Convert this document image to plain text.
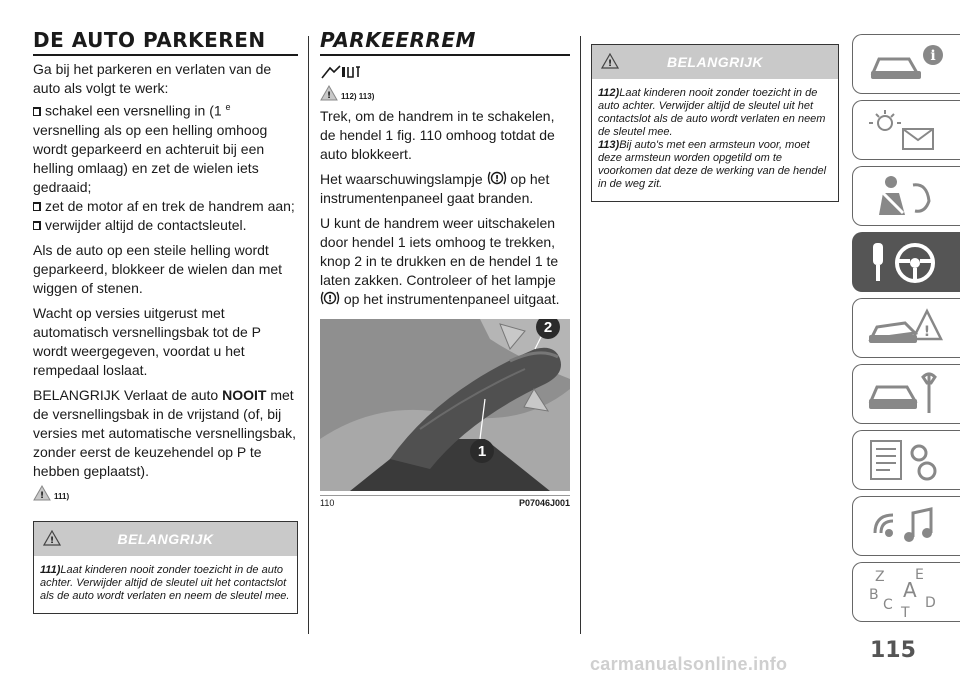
DE AUTO PARKEREN

Ga bij het parkeren en verlaten van de auto als volgt te werk:

schakel een versnelling in (1 $^e$ versnelling als op een helling omhoog wordt geparkeerd en achteruit bij een helling omlaag) en zet de wielen iets gedraaid;

zet de motor af en trek de handrem aan;

verwijder altijd de contactsleutel.

Als de auto op een steile helling wordt geparkeerd, blokkeer de wielen dan met wiggen of stenen.

Wacht op versies uitgerust met automatisch versnellingsbak tot de P wordt weergegeven, voordat u het rempedaal loslaat.

BELANGRIJK Verlaat de auto NOOIT met de versnellingsbak in de vrijstand (of, bij versies met automatische versnellingsbak, zonder eerst de keuzehendel op P te hebben geplaatst).

! 111)
!	BELANGRIJK
111)Laat kinderen nooit zonder toezicht in de auto achter. Verwijder altijd de sleutel uit het contactslot als de auto wordt verlaten en neem de sleutel mee.
PARKEERREM
! 112) 113)

Trek, om de handrem in te schakelen, de hendel 1 fig. 110 omhoog totdat de auto blokkeert.

Het waarschuwingslampje ! op het instrumentenpaneel gaat branden.

U kunt de handrem weer uitschakelen door hendel 1 iets omhoog te trekken, knop 2 in te drukken en de hendel 1 te laten zakken. Controleer of het lampje

! op het instrumentenpaneel uitgaat.

2
1
110	P07046J001
!	BELANGRIJK
112)Laat kinderen nooit zonder toezicht in de auto achter. Verwijder altijd de sleutel uit het contactslot als de auto wordt verlaten en neem de sleutel mee.
113)Bij auto's met een armsteun voor, moet deze armsteun worden opgetild om te voorkomen dat deze de werking van de hendel in de weg zit.
i
!
Z E
B A
C D
T
115
carmanualsonline.info
